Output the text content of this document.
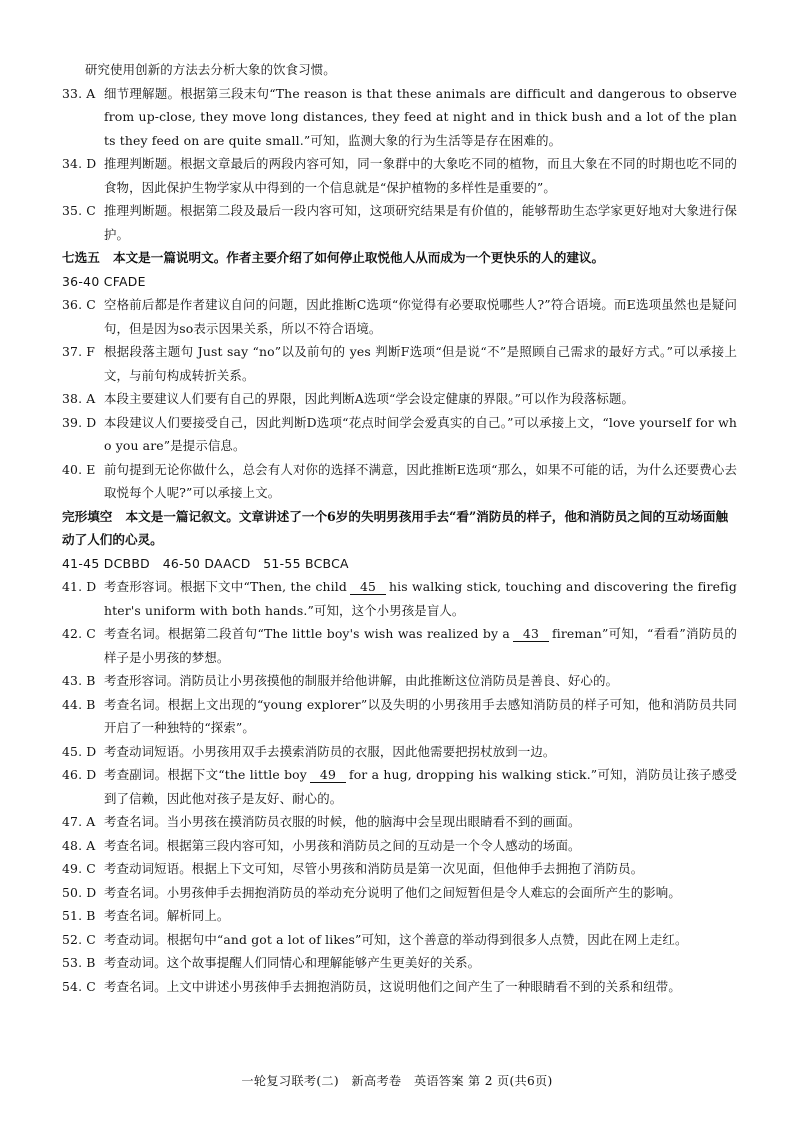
研究使用创新的方法去分析大象的饮食习惯。

33. A 细节理解题。根据第三段末句“The reason is that these animals are difficult and dangerous to observe from up-close, they move long distances, they feed at night and in thick bush and a lot of the plants they feed on are quite small.”可知，监测大象的行为生活等是存在困难的。
34. D 推理判断题。根据文章最后的两段内容可知，同一象群中的大象吃不同的植物，而且大象在不同的时期也吃不同的食物，因此保护生物学家从中得到的一个信息就是“保护植物的多样性是重要的”。
35. C 推理判断题。根据第二段及最后一段内容可知，这项研究结果是有价值的，能够帮助生态学家更好地对大象进行保护。

七选五 本文是一篇说明文。作者主要介绍了如何停止取悦他人从而成为一个更快乐的人的建议。

36-40 CFADE

36. C 空格前后都是作者建议自问的问题，因此推断C选项“你觉得有必要取悦哪些人?”符合语境。而E选项虽然也是疑问句，但是因为so表示因果关系，所以不符合语境。
37. F 根据段落主题句 Just say “no”以及前句的 yes 判断F选项“但是说“不”是照顾自己需求的最好方式。”可以承接上文，与前句构成转折关系。
38. A 本段主要建议人们要有自己的界限，因此判断A选项“学会设定健康的界限。”可以作为段落标题。
39. D 本段建议人们要接受自己，因此判断D选项“花点时间学会爱真实的自己。”可以承接上文，“love yourself for who you are”是提示信息。
40. E 前句提到无论你做什么，总会有人对你的选择不满意，因此推断E选项“那么，如果不可能的话，为什么还要费心去取悦每个人呢?”可以承接上文。

完形填空 本文是一篇记叙文。文章讲述了一个6岁的失明男孩用手去“看”消防员的样子，他和消防员之间的互动场面触动了人们的心灵。

41-45 DCBBD   46-50 DAACD   51-55 BCBCA

41. D 考查形容词。根据下文中“Then, the child 45 his walking stick, touching and discovering the firefighter's uniform with both hands.”可知，这个小男孩是盲人。
42. C 考查名词。根据第二段首句“The little boy's wish was realized by a 43 fireman”可知，“看看”消防员的样子是小男孩的梦想。
43. B 考查形容词。消防员让小男孩摸他的制服并给他讲解，由此推断这位消防员是善良、好心的。
44. B 考查名词。根据上文出现的“young explorer”以及失明的小男孩用手去感知消防员的样子可知，他和消防员共同开启了一种独特的“探索”。
45. D 考查动词短语。小男孩用双手去摸索消防员的衣服，因此他需要把拐杖放到一边。
46. D 考查副词。根据下文“the little boy 49 for a hug, dropping his walking stick.”可知，消防员让孩子感受到了信赖，因此他对孩子是友好、耐心的。
47. A 考查名词。当小男孩在摸消防员衣服的时候，他的脑海中会呈现出眼睛看不到的画面。
48. A 考查名词。根据第三段内容可知，小男孩和消防员之间的互动是一个令人感动的场面。
49. C 考查动词短语。根据上下文可知，尽管小男孩和消防员是第一次见面，但他伸手去拥抱了消防员。
50. D 考查名词。小男孩伸手去拥抱消防员的举动充分说明了他们之间短暂但是令人难忘的会面所产生的影响。
51. B 考查名词。解析同上。
52. C 考查动词。根据句中“and got a lot of likes”可知，这个善意的举动得到很多人点赞，因此在网上走红。
53. B 考查动词。这个故事提醒人们同情心和理解能够产生更美好的关系。
54. C 考查名词。上文中讲述小男孩伸手去拥抱消防员，这说明他们之间产生了一种眼睛看不到的关系和纽带。
一轮复习联考(二)   新高考卷   英语答案 第 2 页(共6页)
